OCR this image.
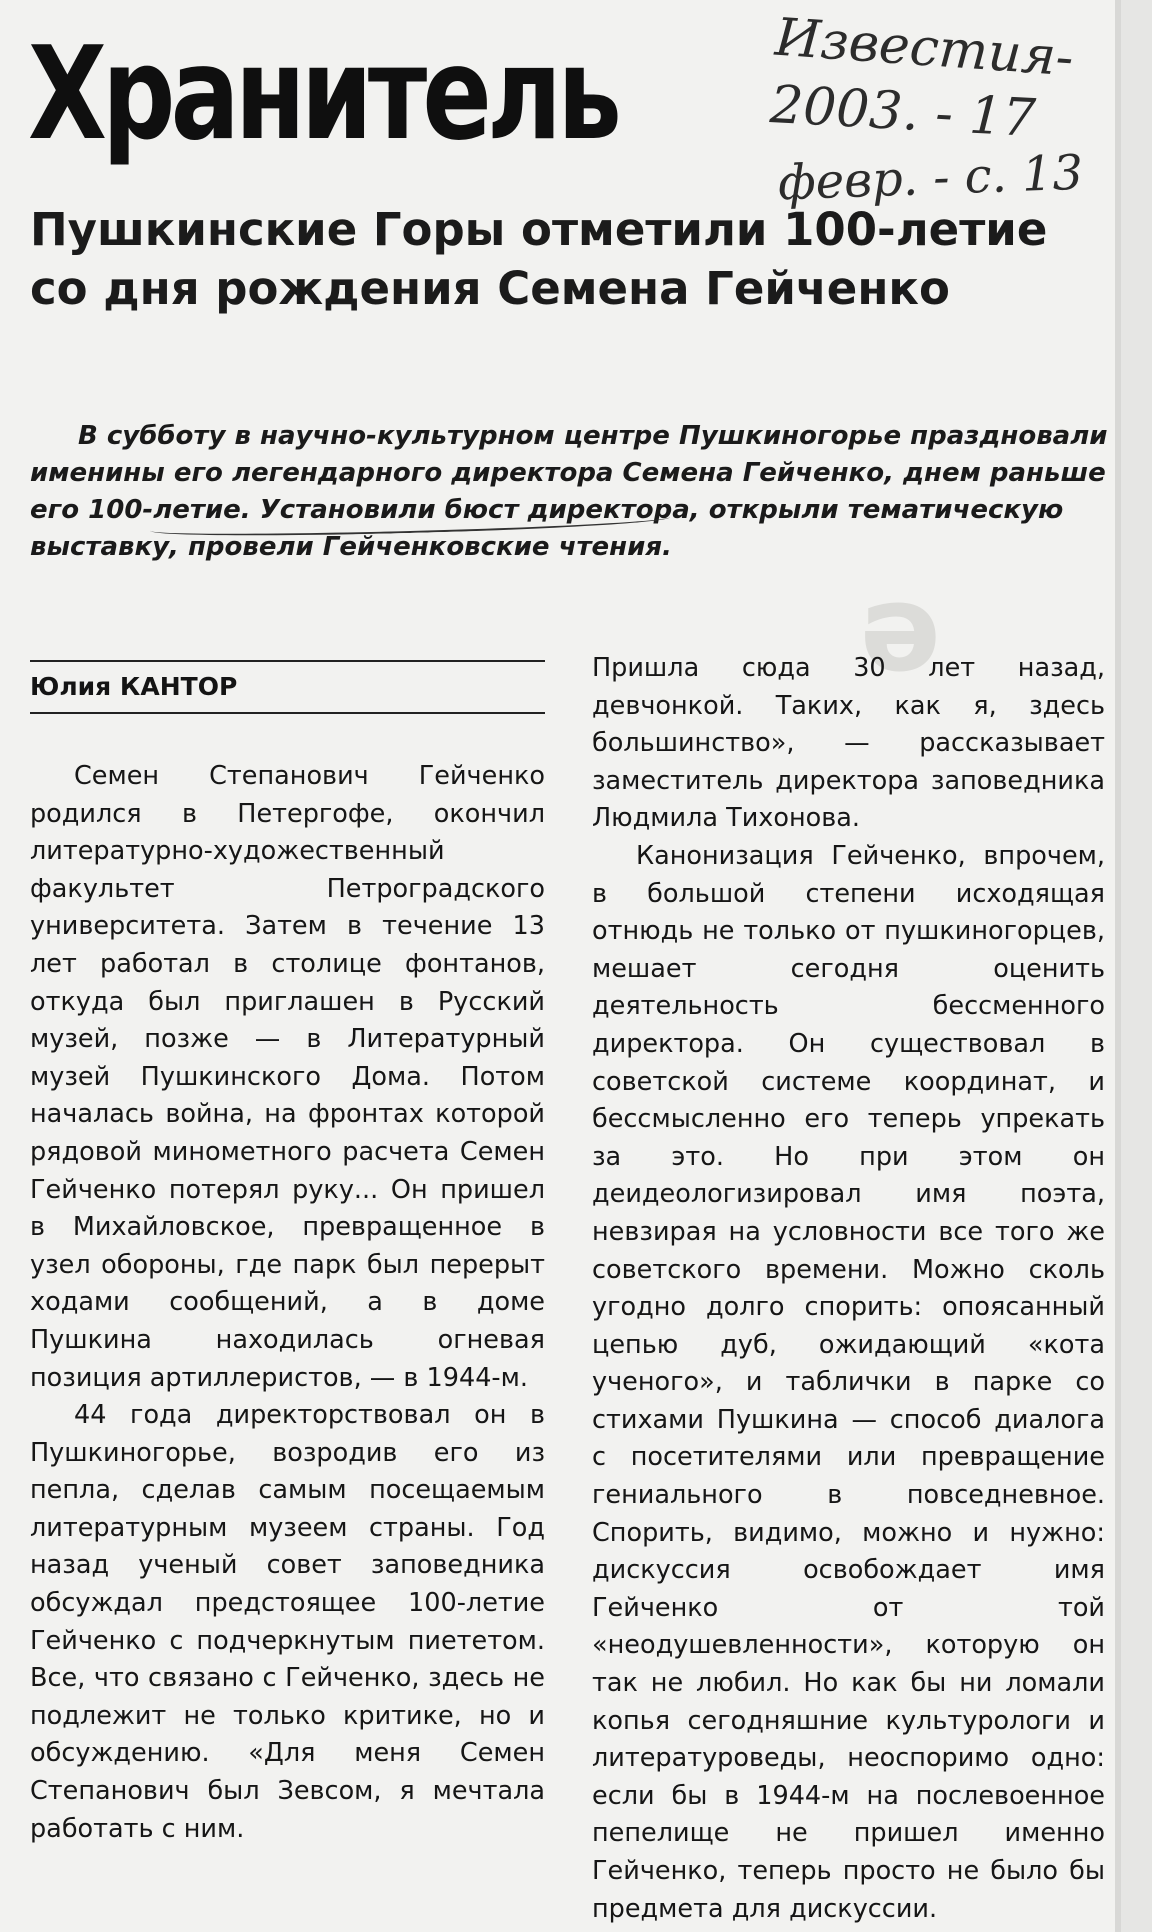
ǝ
Хранитель	Известия-
2003. - 17
февр. - с. 13
Пушкинские Горы отметили 100-летие со дня рождения Семена Гейченко

В субботу в научно-культурном центре Пушкиногорье праздновали именины его легендарного директора Семена Гейченко, днем раньше его 100-летие. Установили бюст директора, открыли тематическую выставку, провели Гейченковские чтения.

Юлия КАНТОР

Семен Степанович Гейченко родился в Петергофе, окончил литературно-художественный факультет Петроградского университета. Затем в течение 13 лет работал в столице фонтанов, откуда был приглашен в Русский музей, позже — в Литературный музей Пушкинского Дома. Потом началась война, на фронтах которой рядовой минометного расчета Семен Гейченко потерял руку... Он пришел в Михайловское, превращенное в узел обороны, где парк был перерыт ходами сообщений, а в доме Пушкина находилась огневая позиция артиллеристов, — в 1944-м.

44 года директорствовал он в Пушкиногорье, возродив его из пепла, сделав самым посещаемым литературным музеем страны. Год назад ученый совет заповедника обсуждал предстоящее 100-летие Гейченко с подчеркнутым пиететом. Все, что связано с Гейченко, здесь не подлежит не только критике, но и обсуждению. «Для меня Семен Степанович был Зевсом, я мечтала работать с ним.

Пришла сюда 30 лет назад, девчонкой. Таких, как я, здесь большинство», — рассказывает заместитель директора заповедника Людмила Тихонова.

Канонизация Гейченко, впрочем, в большой степени исходящая отнюдь не только от пушкиногорцев, мешает сегодня оценить деятельность бессменного директора. Он существовал в советской системе координат, и бессмысленно его теперь упрекать за это. Но при этом он деидеологизировал имя поэта, невзирая на условности все того же советского времени. Можно сколь угодно долго спорить: опоясанный цепью дуб, ожидающий «кота ученого», и таблички в парке со стихами Пушкина — способ диалога с посетителями или превращение гениального в повседневное. Спорить, видимо, можно и нужно: дискуссия освобождает имя Гейченко от той «неодушевленности», которую он так не любил. Но как бы ни ломали копья сегодняшние культурологи и литературоведы, неоспоримо одно: если бы в 1944-м на послевоенное пепелище не пришел именно Гейченко, теперь просто не было бы предмета для дискуссии.
